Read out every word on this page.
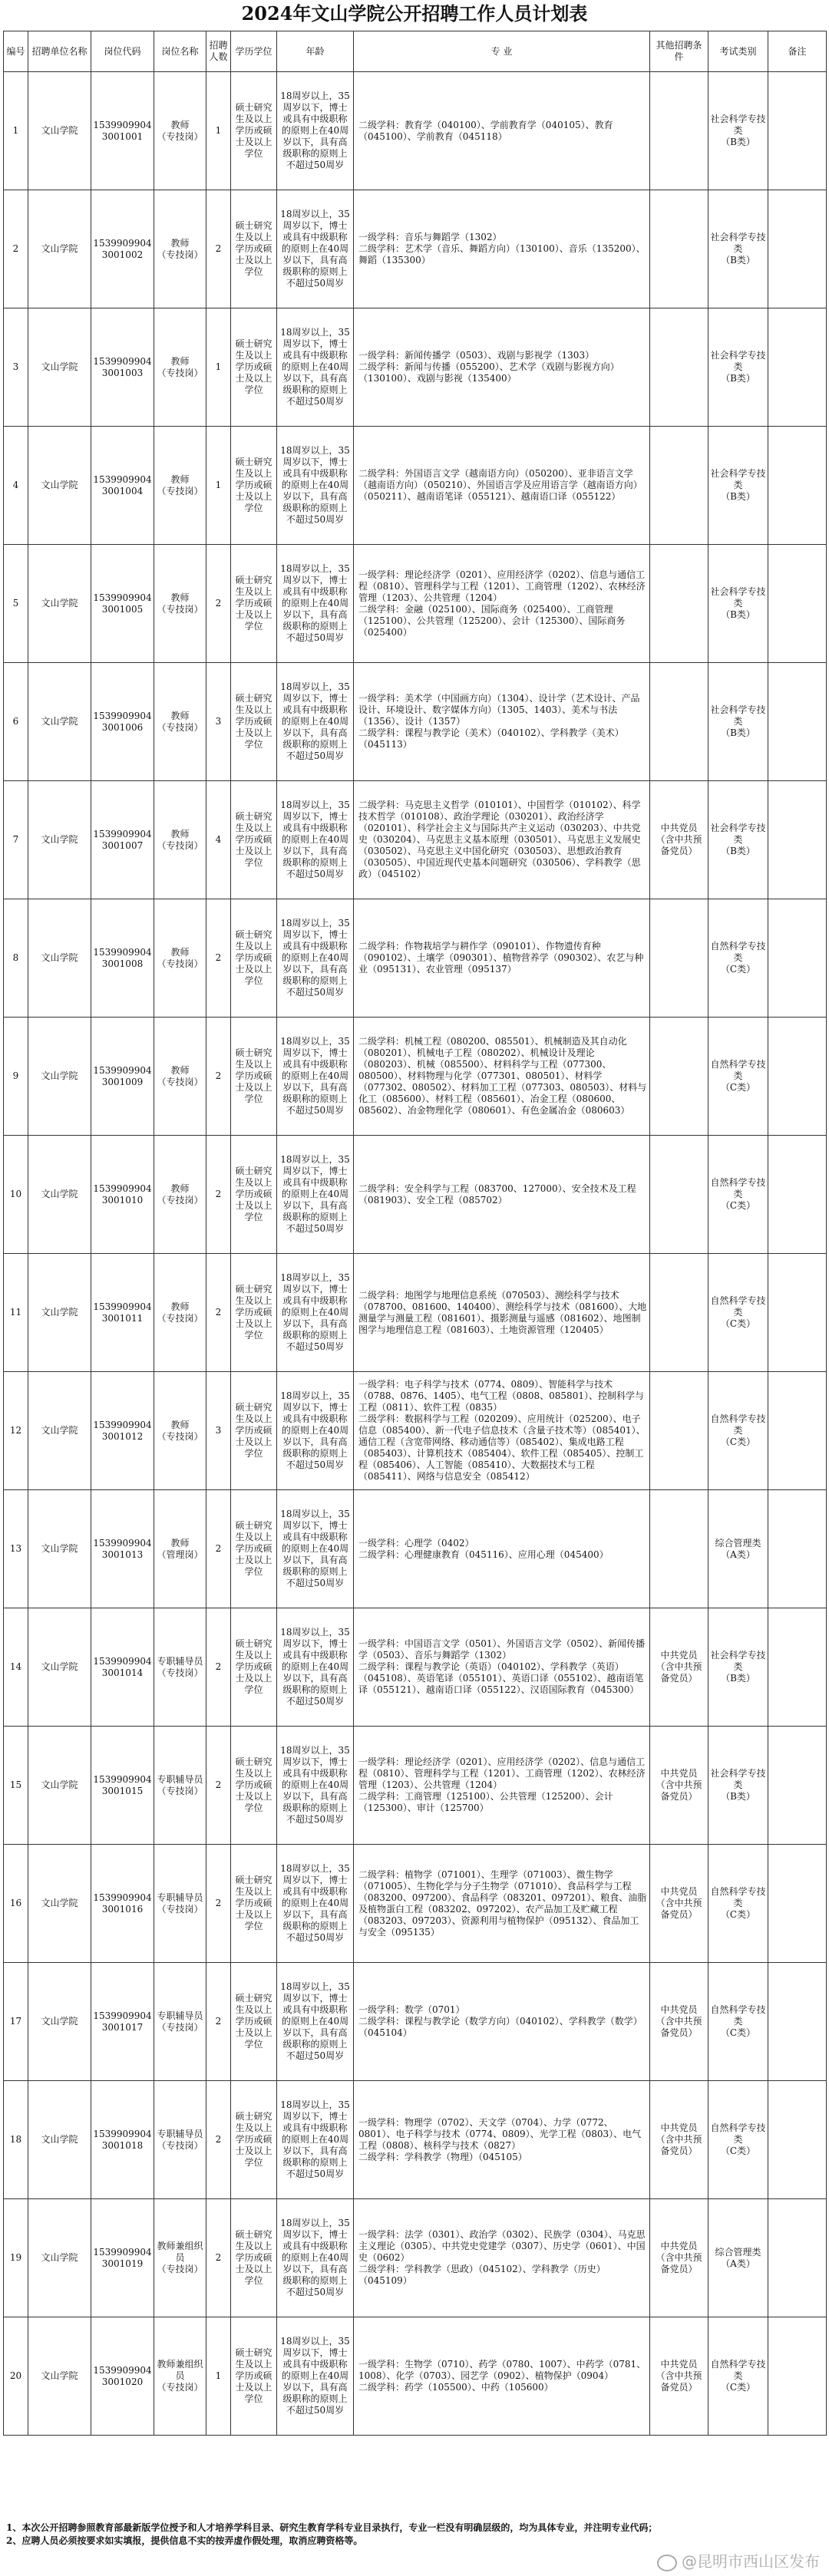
2024年文山学院公开招聘工作人员计划表
编号	招聘单位名称	岗位代码	岗位名称	招聘人数	学历学位	年龄	专 业	其他招聘条件	考试类别	备注
1	文山学院	15399099043001001	教师
（专技岗）	1	硕士研究生及以上学历或硕士及以上学位	18周岁以上，35周岁以下，博士或具有中级职称的原则上在40周岁以下，具有高级职称的原则上不超过50周岁	二级学科：教育学（040100）、学前教育学（040105）、教育（045100）、学前教育（045118）		社会科学专技类
（B类）	
2	文山学院	15399099043001002	教师
（专技岗）	2	硕士研究生及以上学历或硕士及以上学位	18周岁以上，35周岁以下，博士或具有中级职称的原则上在40周岁以下，具有高级职称的原则上不超过50周岁	一级学科：音乐与舞蹈学（1302）
二级学科：艺术学（音乐、舞蹈方向）（130100）、音乐（135200）、舞蹈（135300）		社会科学专技类
（B类）	
3	文山学院	15399099043001003	教师
（专技岗）	1	硕士研究生及以上学历或硕士及以上学位	18周岁以上，35周岁以下，博士或具有中级职称的原则上在40周岁以下，具有高级职称的原则上不超过50周岁	一级学科：新闻传播学（0503）、戏剧与影视学（1303）
二级学科：新闻与传播（055200）、艺术学（戏剧与影视方向）（130100）、戏剧与影视（135400）		社会科学专技类
（B类）	
4	文山学院	15399099043001004	教师
（专技岗）	1	硕士研究生及以上学历或硕士及以上学位	18周岁以上，35周岁以下，博士或具有中级职称的原则上在40周岁以下，具有高级职称的原则上不超过50周岁	二级学科：外国语言文学（越南语方向）（050200）、亚非语言文学（越南语方向）（050210）、外国语言学及应用语言学（越南语方向）（050211）、越南语笔译（055121）、越南语口译（055122）		社会科学专技类
（B类）	
5	文山学院	15399099043001005	教师
（专技岗）	2	硕士研究生及以上学历或硕士及以上学位	18周岁以上，35周岁以下，博士或具有中级职称的原则上在40周岁以下，具有高级职称的原则上不超过50周岁	一级学科：理论经济学（0201）、应用经济学（0202）、信息与通信工程（0810）、管理科学与工程（1201）、工商管理（1202）、农林经济管理（1203）、公共管理（1204）
二级学科：金融（025100）、国际商务（025400）、工商管理（125100）、公共管理（125200）、会计（125300）、国际商务（025400）		社会科学专技类
（B类）	
6	文山学院	15399099043001006	教师
（专技岗）	3	硕士研究生及以上学历或硕士及以上学位	18周岁以上，35周岁以下，博士或具有中级职称的原则上在40周岁以下，具有高级职称的原则上不超过50周岁	一级学科：美术学（中国画方向）（1304）、设计学（艺术设计、产品设计、环境设计、数字媒体方向）（1305、1403）、美术与书法（1356）、设计（1357）
二级学科：课程与教学论（美术）（040102）、学科教学（美术）（045113）		社会科学专技类
（B类）	
7	文山学院	15399099043001007	教师
（专技岗）	4	硕士研究生及以上学历或硕士及以上学位	18周岁以上，35周岁以下，博士或具有中级职称的原则上在40周岁以下，具有高级职称的原则上不超过50周岁	二级学科：马克思主义哲学（010101）、中国哲学（010102）、科学技术哲学（010108）、政治学理论（030201）、政治经济学（020101）、科学社会主义与国际共产主义运动（030203）、中共党史（030204）、马克思主义基本原理（030501）、马克思主义发展史（030502）、马克思主义中国化研究（030503）、思想政治教育（030505）、中国近现代史基本问题研究（030506）、学科教学（思政）（045102）	中共党员
（含中共预备党员）	社会科学专技类
（B类）	
8	文山学院	15399099043001008	教师
（专技岗）	2	硕士研究生及以上学历或硕士及以上学位	18周岁以上，35周岁以下，博士或具有中级职称的原则上在40周岁以下，具有高级职称的原则上不超过50周岁	二级学科：作物栽培学与耕作学（090101）、作物遗传育种（090102）、土壤学（090301）、植物营养学（090302）、农艺与种业（095131）、农业管理（095137）		自然科学专技类
（C类）	
9	文山学院	15399099043001009	教师
（专技岗）	2	硕士研究生及以上学历或硕士及以上学位	18周岁以上，35周岁以下，博士或具有中级职称的原则上在40周岁以下，具有高级职称的原则上不超过50周岁	二级学科：机械工程（080200、085501）、机械制造及其自动化（080201）、机械电子工程（080202）、机械设计及理论（080203）、机械（085500）、材料科学与工程（077300、080500）、材料物理与化学（077301、080501）、材料学（077302、080502）、材料加工工程（077303、080503）、材料与化工（085600）、材料工程（085601）、冶金工程（080600、085602）、冶金物理化学（080601）、有色金属冶金（080603）		自然科学专技类
（C类）	
10	文山学院	15399099043001010	教师
（专技岗）	2	硕士研究生及以上学历或硕士及以上学位	18周岁以上，35周岁以下，博士或具有中级职称的原则上在40周岁以下，具有高级职称的原则上不超过50周岁	二级学科：安全科学与工程（083700、127000）、安全技术及工程（081903）、安全工程（085702）		自然科学专技类
（C类）	
11	文山学院	15399099043001011	教师
（专技岗）	2	硕士研究生及以上学历或硕士及以上学位	18周岁以上，35周岁以下，博士或具有中级职称的原则上在40周岁以下，具有高级职称的原则上不超过50周岁	二级学科：地图学与地理信息系统（070503）、测绘科学与技术（078700、081600、140400）、测绘科学与技术（081600）、大地测量学与测量工程（081601）、摄影测量与遥感（081602）、地图制图学与地理信息工程（081603）、土地资源管理（120405）		自然科学专技类
（C类）	
12	文山学院	15399099043001012	教师
（专技岗）	3	硕士研究生及以上学历或硕士及以上学位	18周岁以上，35周岁以下，博士或具有中级职称的原则上在40周岁以下，具有高级职称的原则上不超过50周岁	一级学科：电子科学与技术（0774、0809）、智能科学与技术（0788、0876、1405）、电气工程（0808、085801）、控制科学与工程（0811）、软件工程（0835）
二级学科：数据科学与工程（020209）、应用统计（025200）、电子信息（085400）、新一代电子信息技术（含量子技术等）（085401）、通信工程（含宽带网络、移动通信等）（085402）、集成电路工程（085403）、计算机技术（085404）、软件工程（085405）、控制工程（085406）、人工智能（085410）、大数据技术与工程（085411）、网络与信息安全（085412）		自然科学专技类
（C类）	
13	文山学院	15399099043001013	教师
（管理岗）	2	硕士研究生及以上学历或硕士及以上学位	18周岁以上，35周岁以下，博士或具有中级职称的原则上在40周岁以下，具有高级职称的原则上不超过50周岁	一级学科：心理学（0402）
二级学科：心理健康教育（045116）、应用心理（045400）		综合管理类
（A类）	
14	文山学院	15399099043001014	专职辅导员
（专技岗）	2	硕士研究生及以上学历或硕士及以上学位	18周岁以上，35周岁以下，博士或具有中级职称的原则上在40周岁以下，具有高级职称的原则上不超过50周岁	一级学科：中国语言文学（0501）、外国语言文学（0502）、新闻传播学（0503）、音乐与舞蹈学（1302）
二级学科：课程与教学论（英语）（040102）、学科教学（英语）（045108）、英语笔译（055101）、英语口译（055102）、越南语笔译（055121）、越南语口译（055122）、汉语国际教育（045300）	中共党员
（含中共预备党员）	社会科学专技类
（B类）	
15	文山学院	15399099043001015	专职辅导员
（专技岗）	2	硕士研究生及以上学历或硕士及以上学位	18周岁以上，35周岁以下，博士或具有中级职称的原则上在40周岁以下，具有高级职称的原则上不超过50周岁	一级学科：理论经济学（0201）、应用经济学（0202）、信息与通信工程（0810）、管理科学与工程（1201）、工商管理（1202）、农林经济管理（1203）、公共管理（1204）
二级学科：工商管理（125100）、公共管理（125200）、会计（125300）、审计（125700）	中共党员
（含中共预备党员）	社会科学专技类
（B类）	
16	文山学院	15399099043001016	专职辅导员
（专技岗）	2	硕士研究生及以上学历或硕士及以上学位	18周岁以上，35周岁以下，博士或具有中级职称的原则上在40周岁以下，具有高级职称的原则上不超过50周岁	二级学科：植物学（071001）、生理学（071003）、微生物学（071005）、生物化学与分子生物学（071010）、食品科学与工程（083200、097200）、食品科学（083201、097201）、粮食、油脂及植物蛋白工程（083202、097202）、农产品加工及贮藏工程（083203、097203）、资源利用与植物保护（095132）、食品加工与安全（095135）	中共党员
（含中共预备党员）	自然科学专技类
（C类）	
17	文山学院	15399099043001017	专职辅导员
（专技岗）	2	硕士研究生及以上学历或硕士及以上学位	18周岁以上，35周岁以下，博士或具有中级职称的原则上在40周岁以下，具有高级职称的原则上不超过50周岁	一级学科：数学（0701）
二级学科：课程与教学论（数学方向）（040102）、学科教学（数学）（045104）	中共党员
（含中共预备党员）	自然科学专技类
（C类）	
18	文山学院	15399099043001018	专职辅导员
（专技岗）	2	硕士研究生及以上学历或硕士及以上学位	18周岁以上，35周岁以下，博士或具有中级职称的原则上在40周岁以下，具有高级职称的原则上不超过50周岁	一级学科：物理学（0702）、天文学（0704）、力学（0772、0801）、电子科学与技术（0774、0809）、光学工程（0803）、电气工程（0808）、核科学与技术（0827）
二级学科：学科教学（物理）（045105）	中共党员
（含中共预备党员）	自然科学专技类
（C类）	
19	文山学院	15399099043001019	教师兼组织员
（专技岗）	2	硕士研究生及以上学历或硕士及以上学位	18周岁以上，35周岁以下，博士或具有中级职称的原则上在40周岁以下，具有高级职称的原则上不超过50周岁	一级学科：法学（0301）、政治学（0302）、民族学（0304）、马克思主义理论（0305）、中共党史党建学（0307）、历史学（0601）、中国史（0602）
二级学科：学科教学（思政）（045102）、学科教学（历史）（045109）	中共党员
（含中共预备党员）	综合管理类
（A类）	
20	文山学院	15399099043001020	教师兼组织员
（专技岗）	1	硕士研究生及以上学历或硕士及以上学位	18周岁以上，35周岁以下，博士或具有中级职称的原则上在40周岁以下，具有高级职称的原则上不超过50周岁	一级学科：生物学（0710）、药学（0780、1007）、中药学（0781、1008）、化学（0703）、园艺学（0902）、植物保护（0904）
二级学科：药学（105500）、中药（105600）	中共党员
（含中共预备党员）	自然科学专技类
（C类）	

1、本次公开招聘参照教育部最新版学位授予和人才培养学科目录、研究生教育学科专业目录执行，专业一栏没有明确层级的，均为具体专业，并注明专业代码；

2、应聘人员必须按要求如实填报，提供信息不实的按弄虚作假处理，取消应聘资格等。

@昆明市西山区发布
